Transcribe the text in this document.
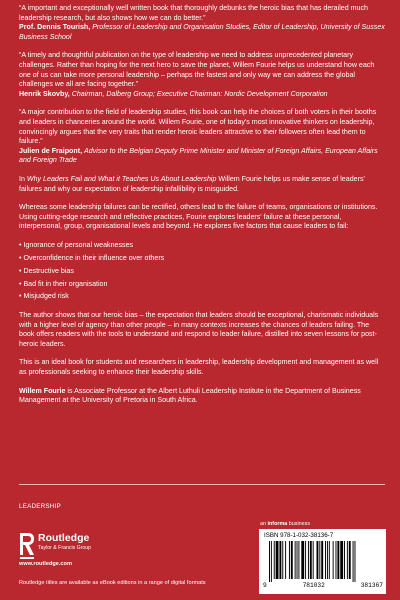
“A important and exceptionally well written book that thoroughly debunks the heroic bias that has derailed much leadership research, but also shows how we can do better.”
Prof. Dennis Tourish, Professor of Leadership and Organisation Studies, Editor of Leadership, University of Sussex Business School
“A timely and thoughtful publication on the type of leadership we need to address unprecedented planetary challenges. Rather than hoping for the next hero to save the planet, Willem Fourie helps us understand how each one of us can take more personal leadership – perhaps the fastest and only way we can address the global challenges we all are facing together.”
Henrik Skovby, Chairman, Dalberg Group; Executive Chairman: Nordic Development Corporation
“A major contribution to the field of leadership studies, this book can help the choices of both voters in their booths and leaders in chanceries around the world. Willem Fourie, one of today's most innovative thinkers on leadership, convincingly argues that the very traits that render heroic leaders attractive to their followers often lead them to failure.”
Julien de Fraipont, Advisor to the Belgian Deputy Prime Minister and Minister of Foreign Affairs, European Affairs and Foreign Trade

In Why Leaders Fail and What it Teaches Us About Leadership Willem Fourie helps us make sense of leaders' failures and why our expectation of leadership infallibility is misguided.

Whereas some leadership failures can be rectified, others lead to the failure of teams, organisations or institutions. Using cutting-edge research and reflective practices, Fourie explores leaders' failure at these personal, interpersonal, group, organisational levels and beyond. He explores five factors that cause leaders to fail:

• Ignorance of personal weaknesses
• Overconfidence in their influence over others
• Destructive bias
• Bad fit in their organisation
• Misjudged risk

The author shows that our heroic bias – the expectation that leaders should be exceptional, charismatic individuals with a higher level of agency than other people – in many contexts increases the chances of leaders failing. The book offers readers with the tools to understand and respond to leader failure, distilled into seven lessons for post-heroic leaders.

This is an ideal book for students and researchers in leadership, leadership development and management as well as professionals seeking to enhance their leadership skills.

Willem Fourie is Associate Professor at the Albert Luthuli Leadership Institute in the Department of Business Management at the University of Pretoria in South Africa.

LEADERSHIP
Routledge
Taylor & Francis Group
www.routledge.com
Routledge titles are available as eBook editions in a range of digital formats
an informa business
ISBN 978-1-032-38136-7
9	781032	381367
